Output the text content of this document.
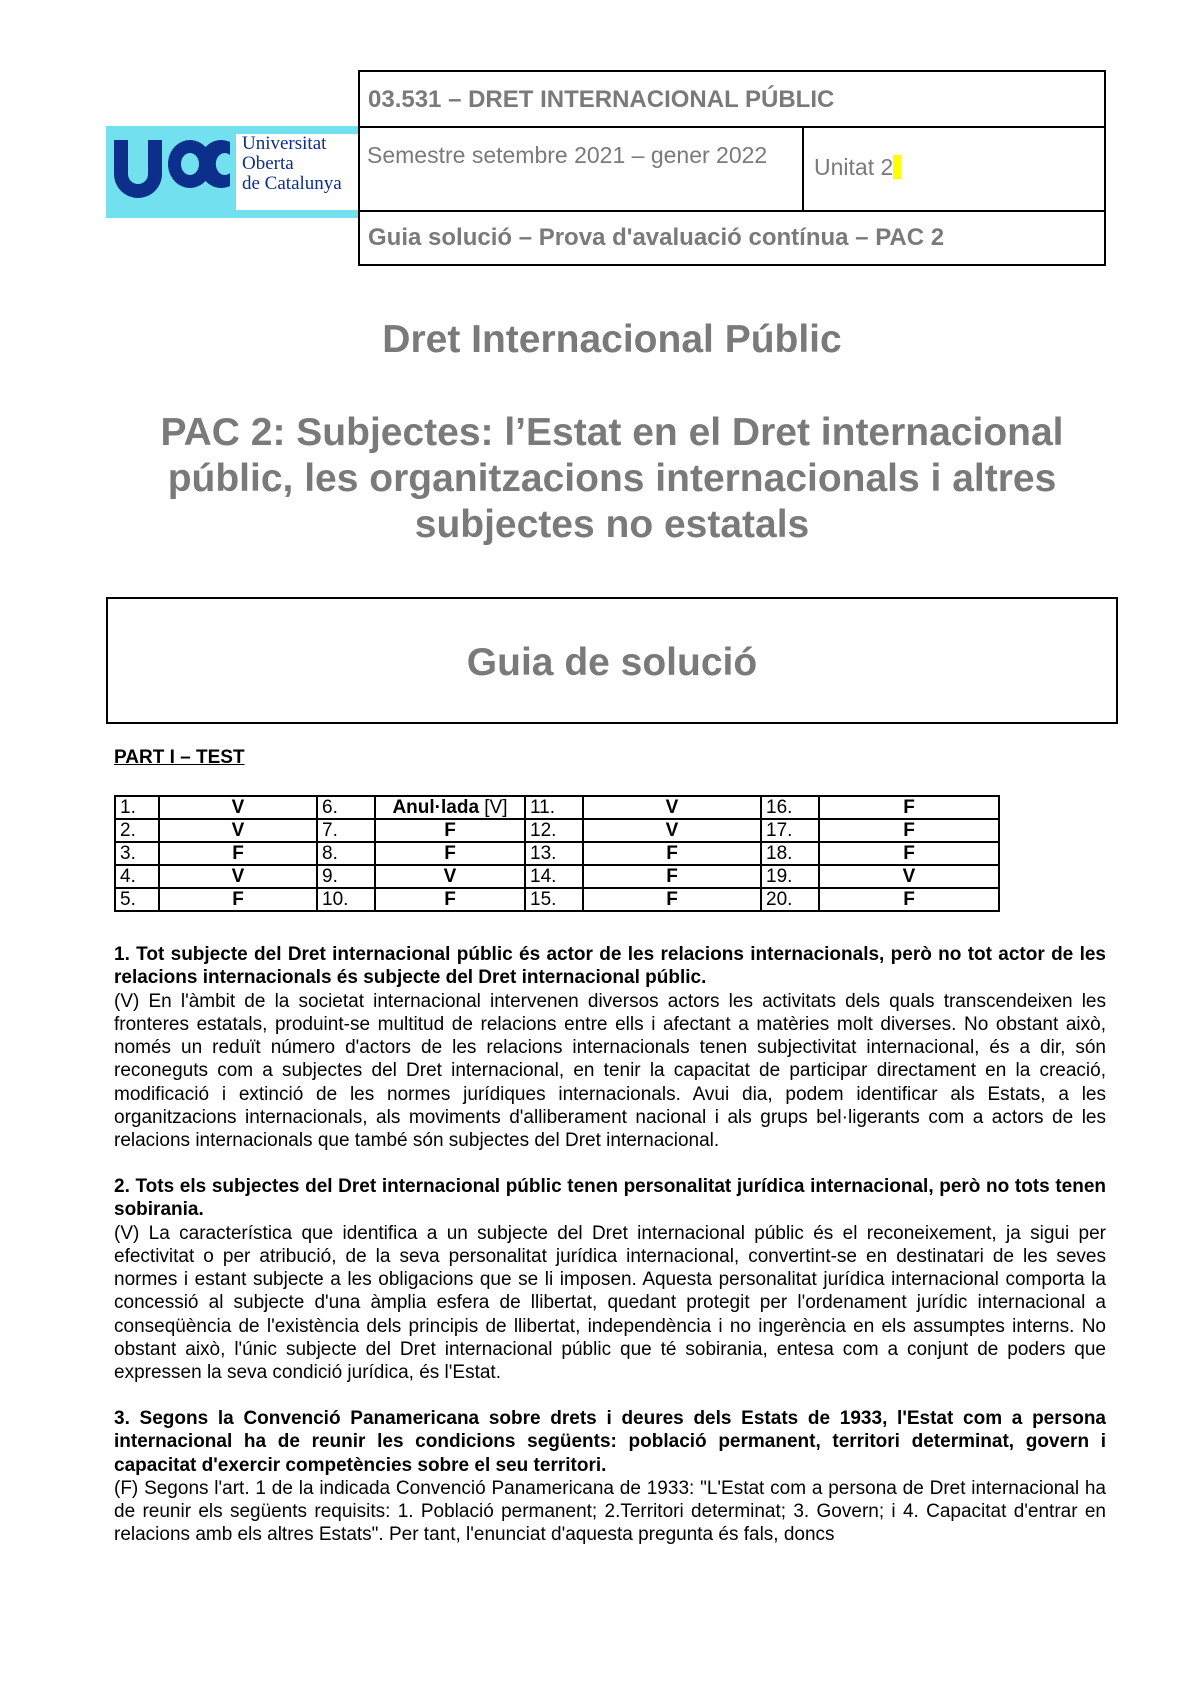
Universitat
Oberta
de Catalunya
03.531 – DRET INTERNACIONAL PÚBLIC
Semestre setembre 2021 – gener 2022	Unitat 2
Guia solució – Prova d'avaluació contínua – PAC 2
Dret Internacional Públic
PAC 2: Subjectes: l’Estat en el Dret internacional
públic, les organitzacions internacionals i altres
subjectes no estatals
Guia de solució
PART I – TEST
1.	V	6.	Anul·lada [V]	11.	V	16.	F
2.	V	7.	F	12.	V	17.	F
3.	F	8.	F	13.	F	18.	F
4.	V	9.	V	14.	F	19.	V
5.	F	10.	F	15.	F	20.	F
1. Tot subjecte del Dret internacional públic és actor de les relacions internacionals, però no tot actor de les relacions internacionals és subjecte del Dret internacional públic.
(V) En l'àmbit de la societat internacional intervenen diversos actors les activitats dels quals transcendeixen les fronteres estatals, produint-se multitud de relacions entre ells i afectant a matèries molt diverses. No obstant això, només un reduït número d'actors de les relacions internacionals tenen subjectivitat internacional, és a dir, són reconeguts com a subjectes del Dret internacional, en tenir la capacitat de participar directament en la creació, modificació i extinció de les normes jurídiques internacionals. Avui dia, podem identificar als Estats, a les organitzacions internacionals, als moviments d'alliberament nacional i als grups bel·ligerants com a actors de les relacions internacionals que també són subjectes del Dret internacional.
2. Tots els subjectes del Dret internacional públic tenen personalitat jurídica internacional, però no tots tenen sobirania.
(V) La característica que identifica a un subjecte del Dret internacional públic és el reconeixement, ja sigui per efectivitat o per atribució, de la seva personalitat jurídica internacional, convertint-se en destinatari de les seves normes i estant subjecte a les obligacions que se li imposen. Aquesta personalitat jurídica internacional comporta la concessió al subjecte d'una àmplia esfera de llibertat, quedant protegit per l'ordenament jurídic internacional a conseqüència de l'existència dels principis de llibertat, independència i no ingerència en els assumptes interns. No obstant això, l'únic subjecte del Dret internacional públic que té sobirania, entesa com a conjunt de poders que expressen la seva condició jurídica, és l'Estat.
3. Segons la Convenció Panamericana sobre drets i deures dels Estats de 1933, l'Estat com a persona internacional ha de reunir les condicions següents: població permanent, territori determinat, govern i capacitat d'exercir competències sobre el seu territori.
(F) Segons l'art. 1 de la indicada Convenció Panamericana de 1933: "L'Estat com a persona de Dret internacional ha de reunir els següents requisits: 1. Població permanent; 2.Territori determinat; 3. Govern; i 4. Capacitat d'entrar en relacions amb els altres Estats". Per tant, l'enunciat d'aquesta pregunta és fals, doncs
